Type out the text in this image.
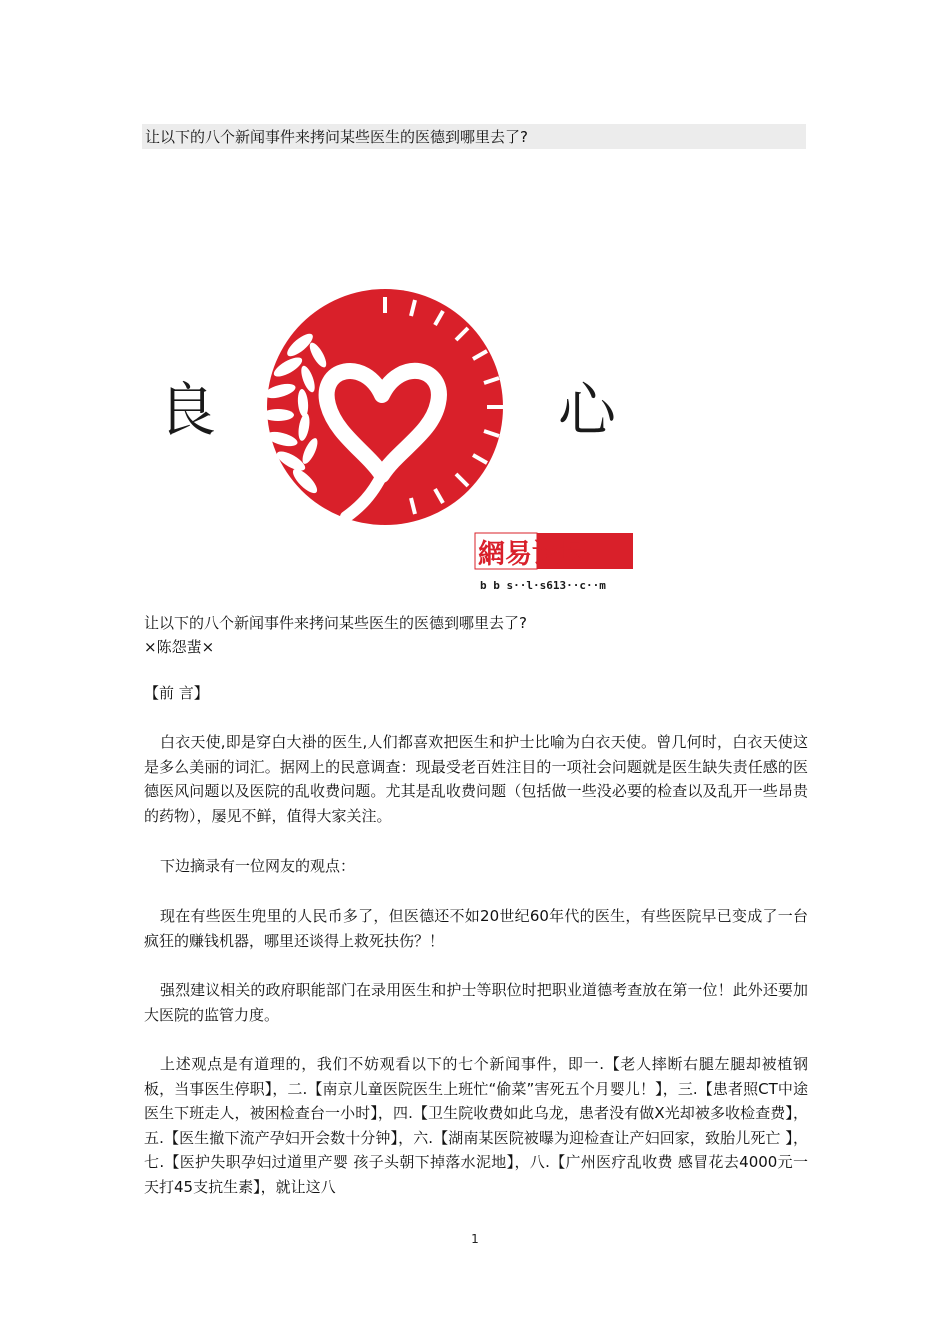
让以下的八个新闻事件来拷问某些医生的医德到哪里去了?
良	心
網易论坛
b b s··l·s613··c··m
让以下的八个新闻事件来拷问某些医生的医德到哪里去了?
×陈怨蜚×
【前 言】

白衣天使,即是穿白大褂的医生,人们都喜欢把医生和护士比喻为白衣天使。曾几何时，白衣天使这是多么美丽的词汇。据网上的民意调查：现最受老百姓注目的一项社会问题就是医生缺失责任感的医德医风问题以及医院的乱收费问题。尤其是乱收费问题（包括做一些没必要的检查以及乱开一些昂贵的药物），屡见不鲜，值得大家关注。

下边摘录有一位网友的观点：

现在有些医生兜里的人民币多了，但医德还不如20世纪60年代的医生，有些医院早已变成了一台疯狂的赚钱机器，哪里还谈得上救死扶伤？！

强烈建议相关的政府职能部门在录用医生和护士等职位时把职业道德考查放在第一位！此外还要加大医院的监管力度。

上述观点是有道理的，我们不妨观看以下的七个新闻事件，即一.【老人摔断右腿左腿却被植钢板，当事医生停职】，二.【南京儿童医院医生上班忙“偷菜”害死五个月婴儿！】，三.【患者照CT中途医生下班走人，被困检查台一小时】，四.【卫生院收费如此乌龙，患者没有做X光却被多收检查费】，五.【医生撤下流产孕妇开会数十分钟】，六.【湖南某医院被曝为迎检查让产妇回家，致胎儿死亡 】，七.【医护失职孕妇过道里产婴 孩子头朝下掉落水泥地】，八.【广州医疗乱收费 感冒花去4000元一天打45支抗生素】，就让这八

1
